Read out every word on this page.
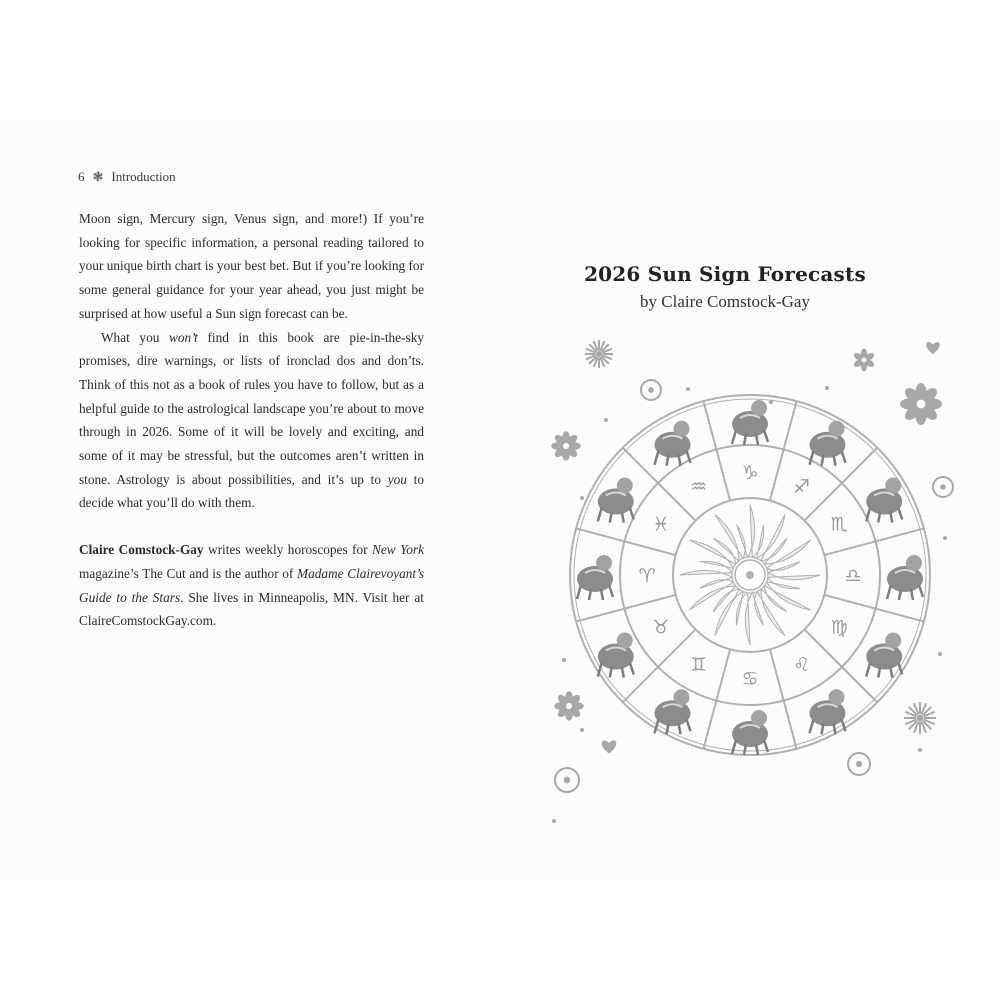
6 ❃ Introduction

Moon sign, Mercury sign, Venus sign, and more!) If you’re looking for specific information, a personal reading tailored to your unique birth chart is your best bet. But if you’re looking for some general guidance for your year ahead, you just might be surprised at how useful a Sun sign forecast can be.

What you won’t find in this book are pie-in-the-sky promises, dire warnings, or lists of ironclad dos and don’ts. Think of this not as a book of rules you have to follow, but as a helpful guide to the astrological landscape you’re about to move through in 2026. Some of it will be lovely and exciting, and some of it may be stressful, but the outcomes aren’t written in stone. Astrology is about possibilities, and it’s up to you to decide what you’ll do with them.

Claire Comstock-Gay writes weekly horoscopes for New York magazine’s The Cut and is the author of Madame Clairevoyant’s Guide to the Stars. She lives in Minneapolis, MN. Visit her at ClaireComstockGay.com.

2026 Sun Sign Forecasts
by Claire Comstock-Gay
♑
♐
♏
♎
♍
♌
♋
♊
♉
♈
♓
♒
